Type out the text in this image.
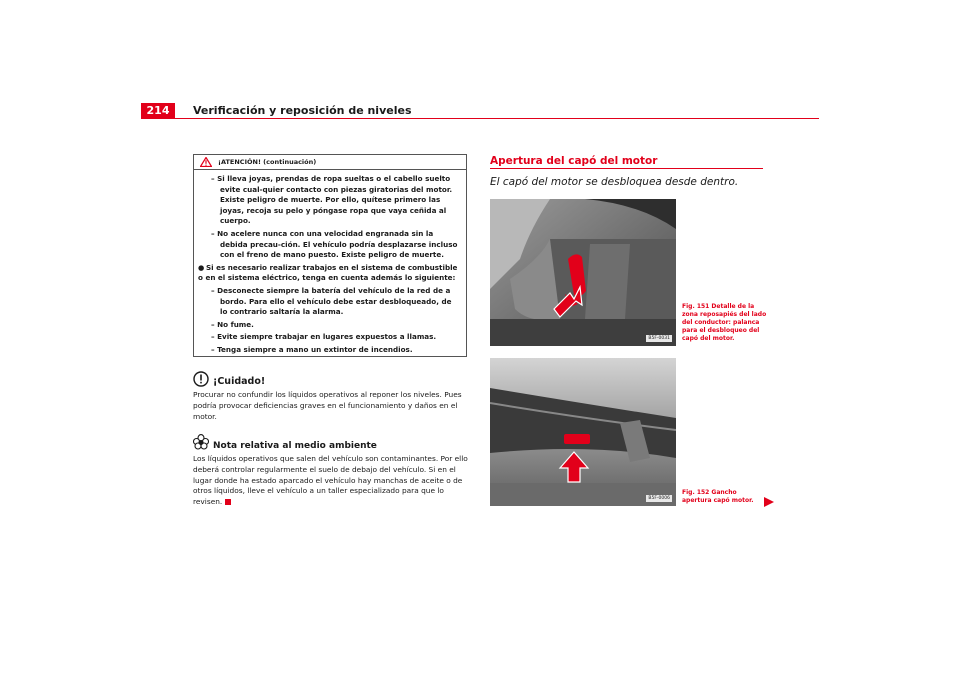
214	Verificación y reposición de niveles
¡ATENCIÓN! (continuación)
– Si lleva joyas, prendas de ropa sueltas o el cabello suelto evite cual-quier contacto con piezas giratorias del motor. Existe peligro de muerte. Por ello, quítese primero las joyas, recoja su pelo y póngase ropa que vaya ceñida al cuerpo.
– No acelere nunca con una velocidad engranada sin la debida precau-ción. El vehículo podría desplazarse incluso con el freno de mano puesto. Existe peligro de muerte.
● Si es necesario realizar trabajos en el sistema de combustible o en el sistema eléctrico, tenga en cuenta además lo siguiente:
– Desconecte siempre la batería del vehículo de la red de a bordo. Para ello el vehículo debe estar desbloqueado, de lo contrario saltaría la alarma.
– No fume.
– Evite siempre trabajar en lugares expuestos a llamas.
– Tenga siempre a mano un extintor de incendios.
¡Cuidado!
Procurar no confundir los líquidos operativos al reponer los niveles. Pues podría provocar deficiencias graves en el funcionamiento y daños en el motor.
Nota relativa al medio ambiente
Los líquidos operativos que salen del vehículo son contaminantes. Por ello deberá controlar regularmente el suelo de debajo del vehículo. Si en el lugar donde ha estado aparcado el vehículo hay manchas de aceite o de otros líquidos, lleve el vehículo a un taller especializado para que lo revisen.
Apertura del capó del motor
El capó del motor se desbloquea desde dentro.
B5F-0031
Fig. 151 Detalle de la zona reposapiés del lado del conductor: palanca para el desbloqueo del capó del motor.
B5F-0006
Fig. 152 Gancho apertura capó motor.
